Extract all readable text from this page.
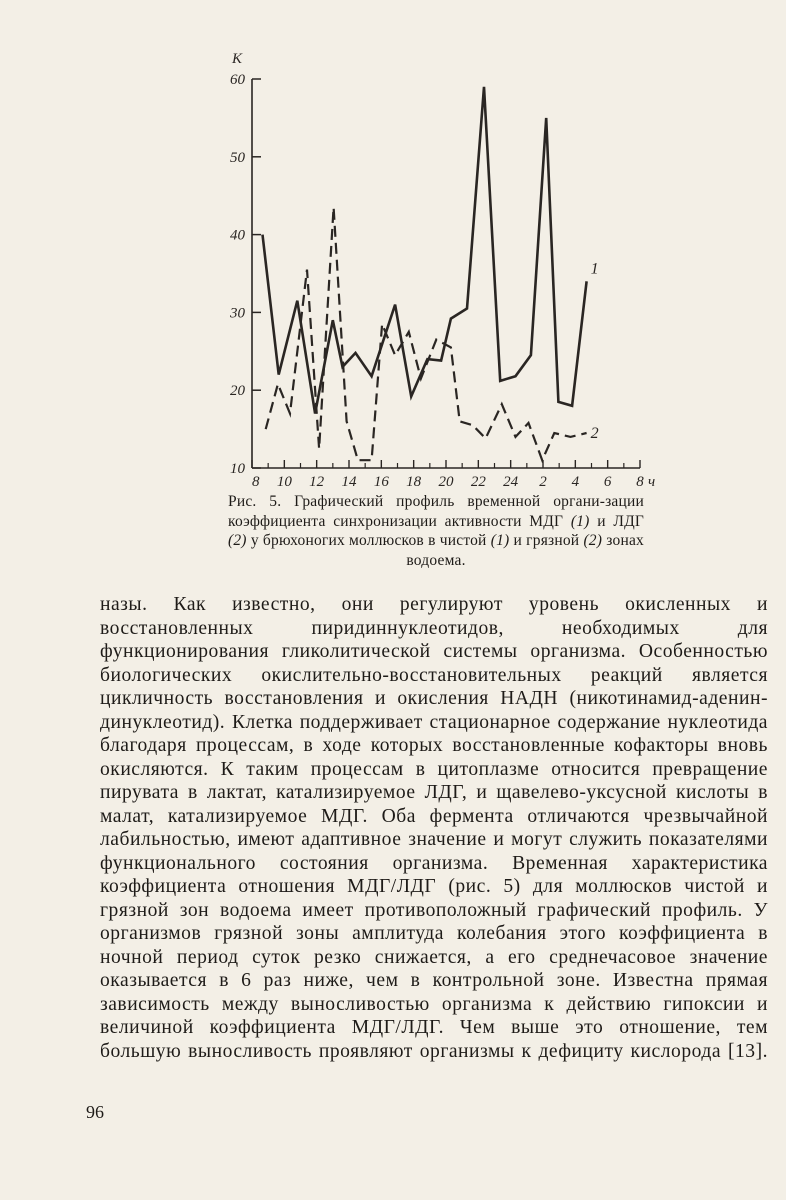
10
20
30
40
50
60
К
8 10 12 14 16 18 20 22 24 2 4 6 8 ч
1
2
Рис. 5. Графический профиль временной органи-зации коэффициента синхронизации активности МДГ (1) и ЛДГ (2) у брюхоногих моллюсков в чистой (1) и грязной (2) зонах водоема.

назы. Как известно, они регулируют уровень окисленных и восстановленных пиридиннуклеотидов, необходимых для функционирования гликолитической системы организма. Особенностью биологических окислительно-восстановительных реакций является цикличность восстановления и окисления НАДН (никотинамид-аденин-динуклеотид). Клетка поддерживает стационарное содержание нуклеотида благодаря процессам, в ходе которых восстановленные кофакторы вновь окисляются. К таким процессам в цитоплазме относится превращение пирувата в лактат, катализируемое ЛДГ, и щавелево-уксусной кислоты в малат, катализируемое МДГ. Оба фермента отличаются чрезвычайной лабильностью, имеют адаптивное значение и могут служить показателями функционального состояния организма. Временная характеристика коэффициента отношения МДГ/ЛДГ (рис. 5) для моллюсков чистой и грязной зон водоема имеет противоположный графический профиль. У организмов грязной зоны амплитуда колебания этого коэффициента в ночной период суток резко снижается, а его среднечасовое значение оказывается в 6 раз ниже, чем в контрольной зоне. Известна прямая зависимость между выносливостью организма к действию гипоксии и величиной коэффициента МДГ/ЛДГ. Чем выше это отношение, тем большую выносливость проявляют организмы к дефициту кислорода [13].

96
